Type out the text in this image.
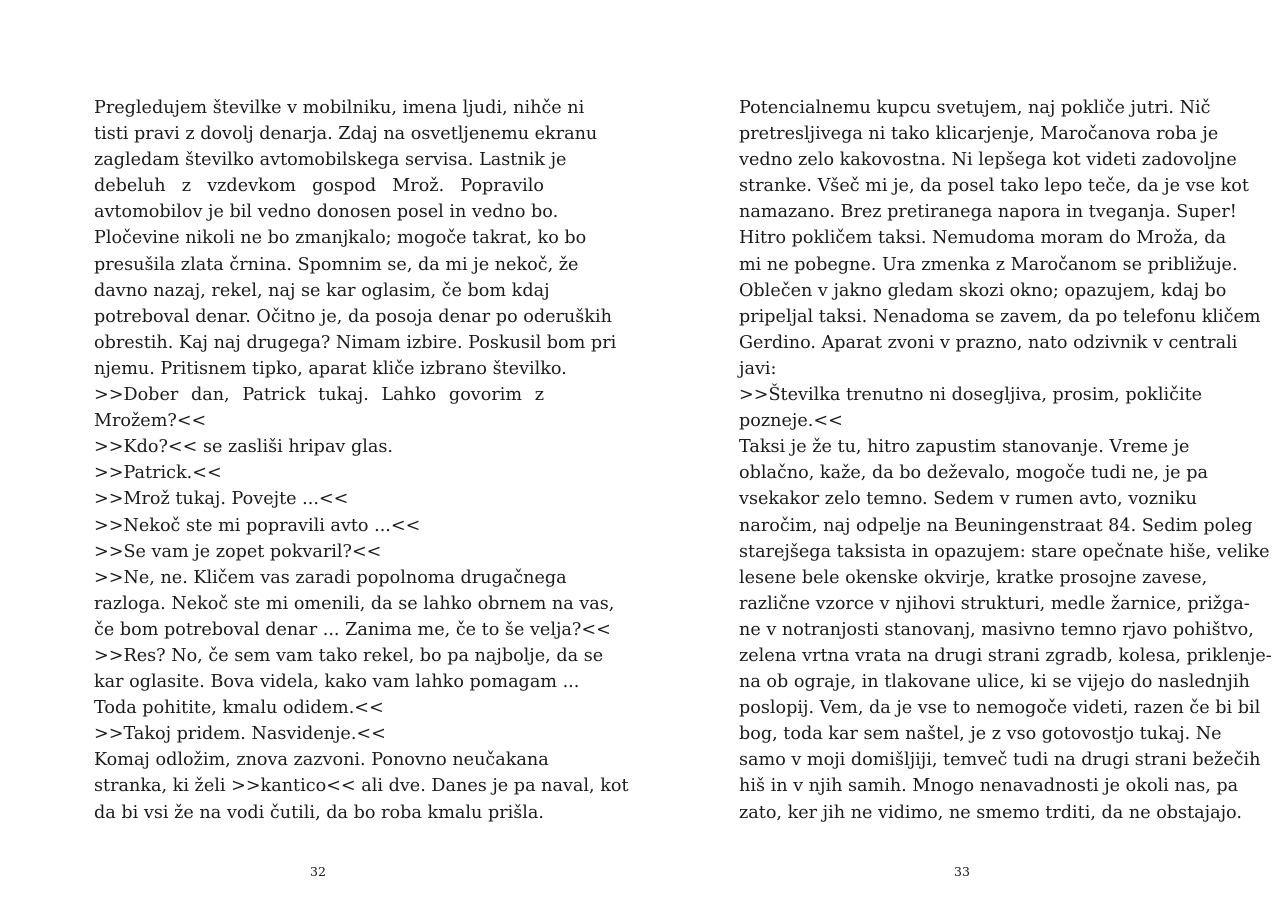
Pregledujem številke v mobilniku, imena ljudi, nihče ni
tisti pravi z dovolj denarja. Zdaj na osvetljenemu ekranu
zagledam številko avtomobilskega servisa. Lastnik je
debeluh z vzdevkom gospod Mrož. Popravilo
avtomobilov je bil vedno donosen posel in vedno bo.
Pločevine nikoli ne bo zmanjkalo; mogoče takrat, ko bo
presušila zlata črnina. Spomnim se, da mi je nekoč, že
davno nazaj, rekel, naj se kar oglasim, če bom kdaj
potreboval denar. Očitno je, da posoja denar po oderuških
obrestih. Kaj naj drugega? Nimam izbire. Poskusil bom pri
njemu. Pritisnem tipko, aparat kliče izbrano številko.
>>Dober dan, Patrick tukaj. Lahko govorim z
Mrožem?<<
>>Kdo?<< se zasliši hripav glas.
>>Patrick.<<
>>Mrož tukaj. Povejte ...<<
>>Nekoč ste mi popravili avto ...<<
>>Se vam je zopet pokvaril?<<
>>Ne, ne. Kličem vas zaradi popolnoma drugačnega
razloga. Nekoč ste mi omenili, da se lahko obrnem na vas,
če bom potreboval denar ... Zanima me, če to še velja?<<
>>Res? No, če sem vam tako rekel, bo pa najbolje, da se
kar oglasite. Bova videla, kako vam lahko pomagam ...
Toda pohitite, kmalu odidem.<<
>>Takoj pridem. Nasvidenje.<<
Komaj odložim, znova zazvoni. Ponovno neučakana
stranka, ki želi >>kantico<< ali dve. Danes je pa naval, kot
da bi vsi že na vodi čutili, da bo roba kmalu prišla.
32
Potencialnemu kupcu svetujem, naj pokliče jutri. Nič
pretresljivega ni tako klicarjenje, Maročanova roba je
vedno zelo kakovostna. Ni lepšega kot videti zadovoljne
stranke. Všeč mi je, da posel tako lepo teče, da je vse kot
namazano. Brez pretiranega napora in tveganja. Super!
Hitro pokličem taksi. Nemudoma moram do Mroža, da
mi ne pobegne. Ura zmenka z Maročanom se približuje.
Oblečen v jakno gledam skozi okno; opazujem, kdaj bo
pripeljal taksi. Nenadoma se zavem, da po telefonu kličem
Gerdino. Aparat zvoni v prazno, nato odzivnik v centrali
javi:
>>Številka trenutno ni dosegljiva, prosim, pokličite
pozneje.<<
Taksi je že tu, hitro zapustim stanovanje. Vreme je
oblačno, kaže, da bo deževalo, mogoče tudi ne, je pa
vsekakor zelo temno. Sedem v rumen avto, vozniku
naročim, naj odpelje na Beuningenstraat 84. Sedim poleg
starejšega taksista in opazujem: stare opečnate hiše, velike
lesene bele okenske okvirje, kratke prosojne zavese,
različne vzorce v njihovi strukturi, medle žarnice, prižga-
ne v notranjosti stanovanj, masivno temno rjavo pohištvo,
zelena vrtna vrata na drugi strani zgradb, kolesa, priklenje-
na ob ograje, in tlakovane ulice, ki se vijejo do naslednjih
poslopij. Vem, da je vse to nemogoče videti, razen če bi bil
bog, toda kar sem naštel, je z vso gotovostjo tukaj. Ne
samo v moji domišljiji, temveč tudi na drugi strani bežečih
hiš in v njih samih. Mnogo nenavadnosti je okoli nas, pa
zato, ker jih ne vidimo, ne smemo trditi, da ne obstajajo.
33
